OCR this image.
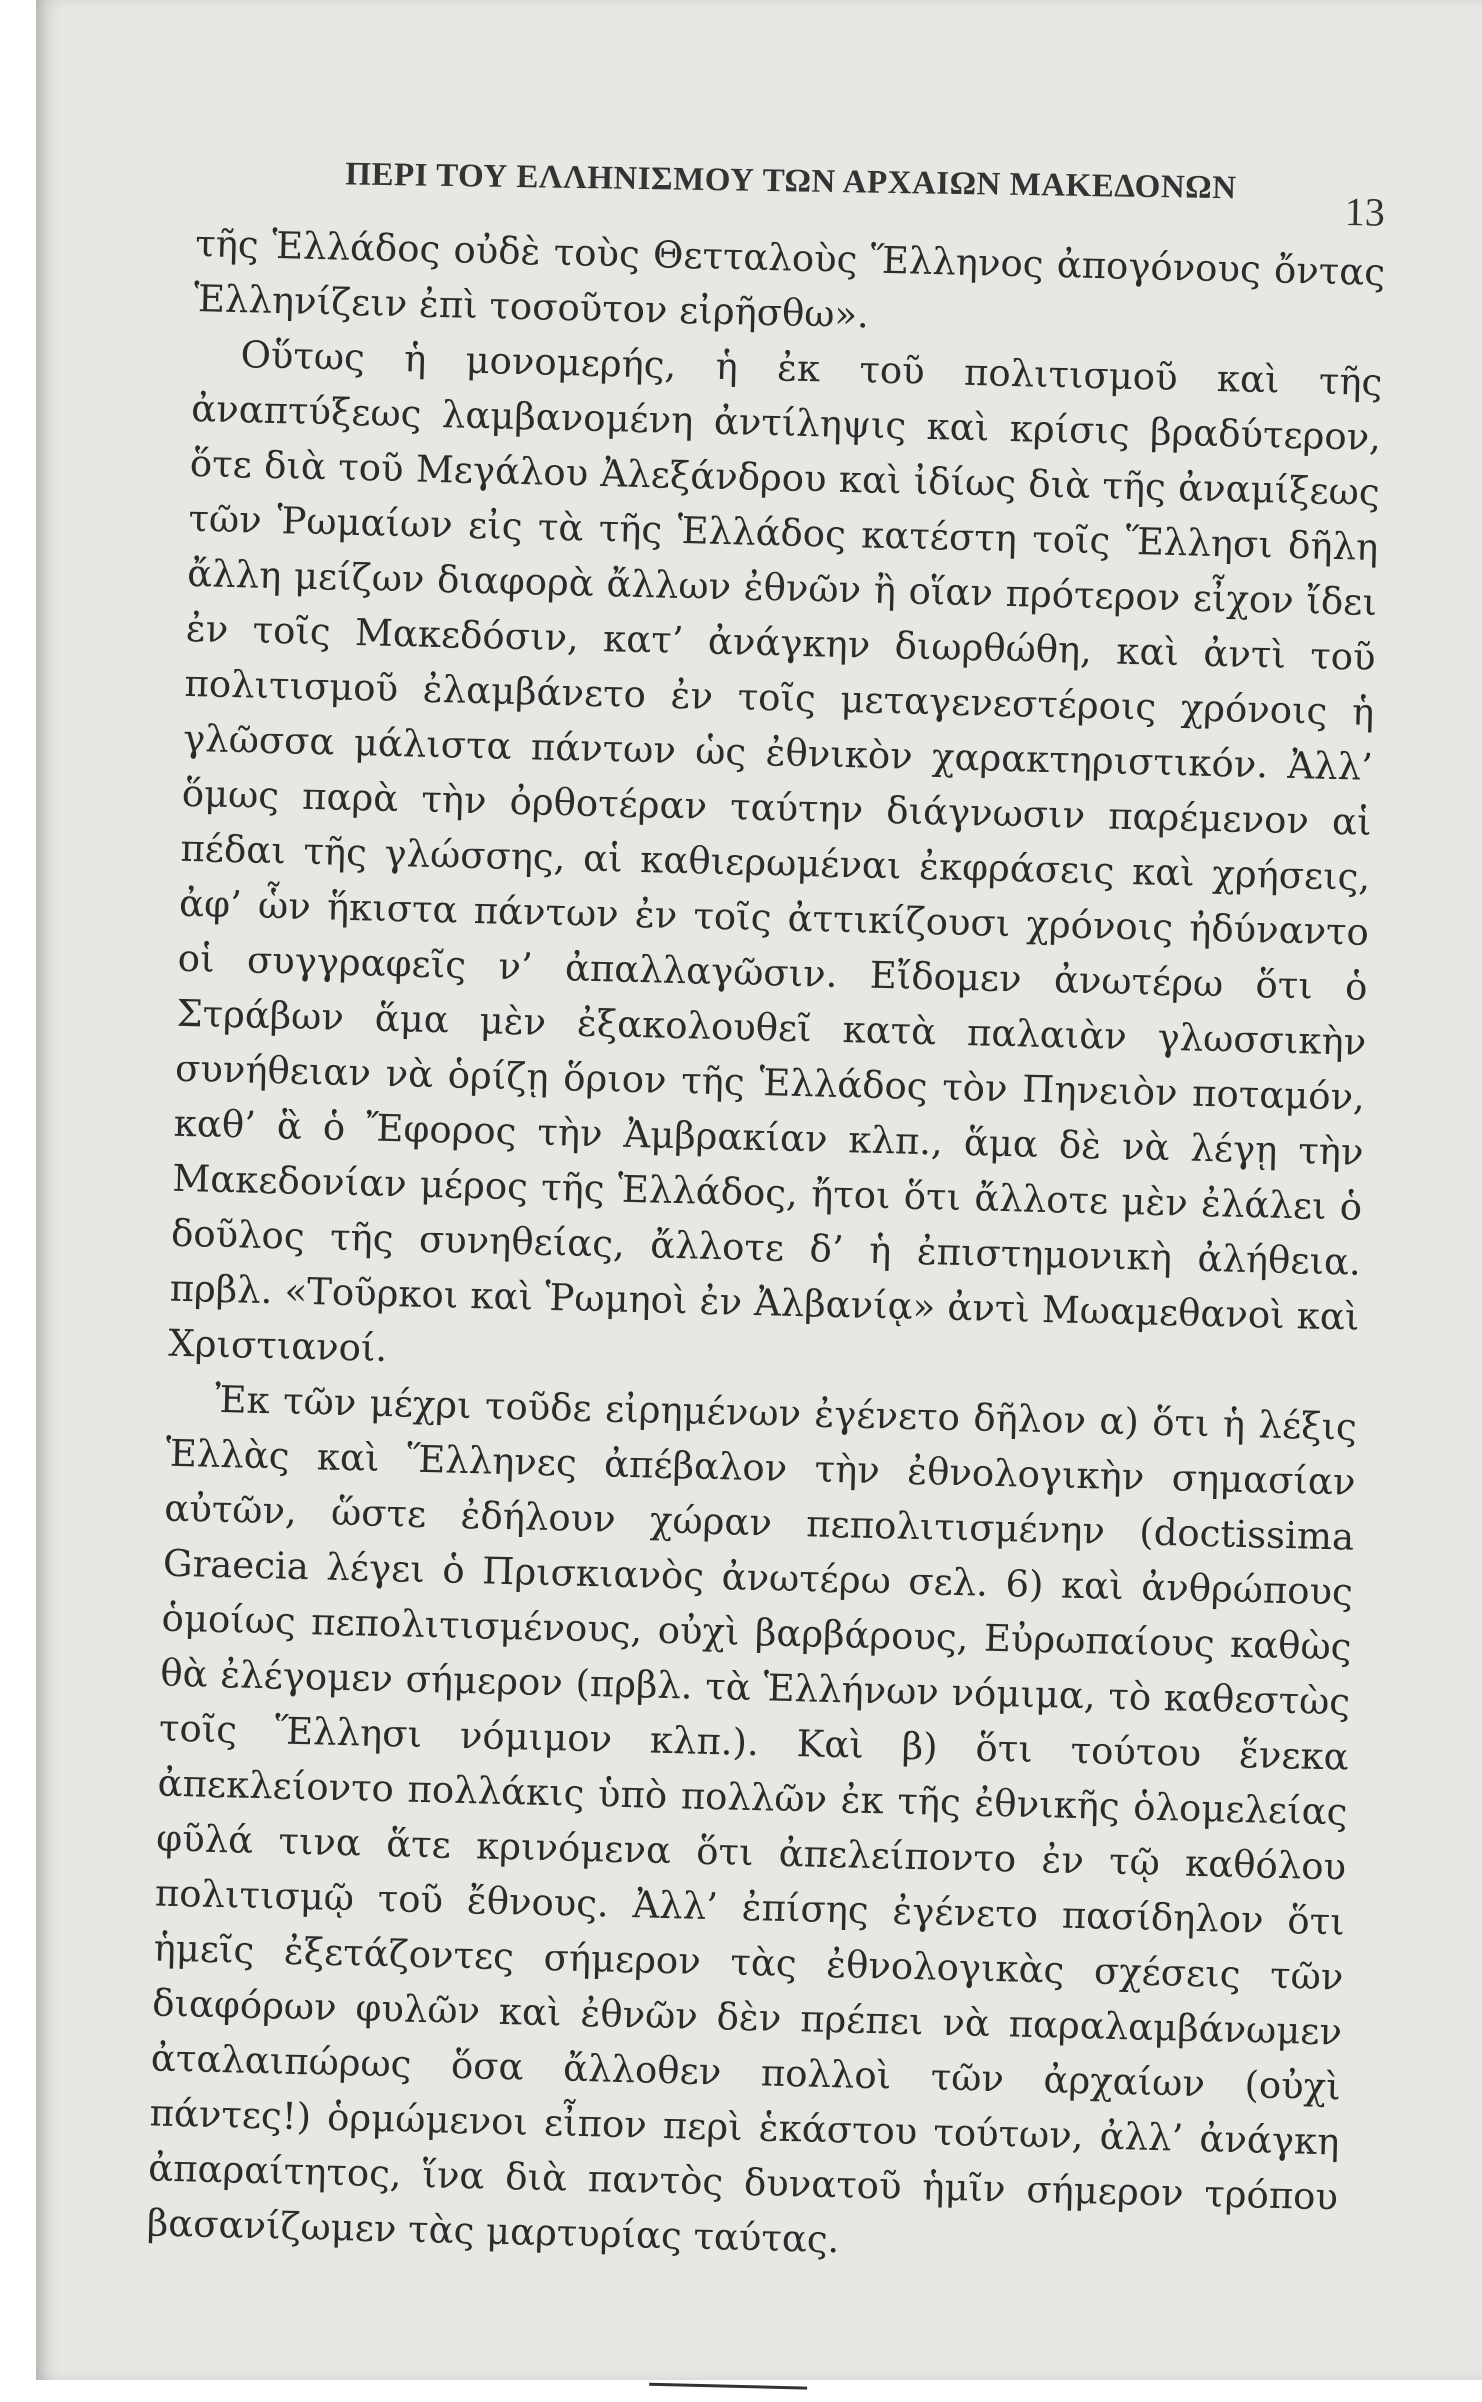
ΠΕΡΙ ΤΟΥ ΕΛΛΗΝΙΣΜΟΥ ΤΩΝ ΑΡΧΑΙΩΝ ΜΑΚΕΔΟΝΩΝ
13

τῆς Ἑλλάδος οὐδὲ τοὺς Θετταλοὺς Ἕλληνος ἀπογόνους ὄντας Ἑλληνίζειν ἐπὶ τοσοῦτον εἰρῆσθω».

Οὕτως ἡ μονομερής, ἡ ἐκ τοῦ πολιτισμοῦ καὶ τῆς ἀναπτύξεως λαμβανομένη ἀντίληψις καὶ κρίσις βραδύτερον, ὅτε διὰ τοῦ Μεγάλου Ἀλεξάνδρου καὶ ἰδίως διὰ τῆς ἀναμίξεως τῶν Ῥωμαίων εἰς τὰ τῆς Ἑλλάδος κατέστη τοῖς Ἕλλησι δῆλη ἄλλη μείζων διαφορὰ ἄλλων ἐθνῶν ἢ οἵαν πρότερον εἶχον ἴδει ἐν τοῖς Μακεδόσιν, κατ’ ἀνάγκην διωρθώθη, καὶ ἀντὶ τοῦ πολιτισμοῦ ἐλαμβάνετο ἐν τοῖς μεταγενεστέροις χρόνοις ἡ γλῶσσα μάλιστα πάντων ὡς ἐθνικὸν χαρακτηριστικόν. Ἀλλ’ ὅμως παρὰ τὴν ὀρθοτέραν ταύτην διάγνωσιν παρέμενον αἱ πέδαι τῆς γλώσσης, αἱ καθιερωμέναι ἐκφράσεις καὶ χρήσεις, ἀφ’ ὧν ἥκιστα πάντων ἐν τοῖς ἀττικίζουσι χρόνοις ἠδύναντο οἱ συγγραφεῖς ν’ ἀπαλλαγῶσιν. Εἴδομεν ἀνωτέρω ὅτι ὁ Στράβων ἅμα μὲν ἐξακολουθεῖ κατὰ παλαιὰν γλωσσικὴν συνήθειαν νὰ ὁρίζῃ ὅριον τῆς Ἑλλάδος τὸν Πηνειὸν ποταμόν, καθ’ ἃ ὁ Ἔφορος τὴν Ἀμβρακίαν κλπ., ἅμα δὲ νὰ λέγῃ τὴν Μακεδονίαν μέρος τῆς Ἑλλάδος, ἤτοι ὅτι ἄλλοτε μὲν ἐλάλει ὁ δοῦλος τῆς συνηθείας, ἄλλοτε δ’ ἡ ἐπιστημονικὴ ἀλήθεια. πρβλ. «Τοῦρκοι καὶ Ῥωμηοὶ ἐν Ἀλβανίᾳ» ἀντὶ Μωαμεθανοὶ καὶ Χριστιανοί.

Ἐκ τῶν μέχρι τοῦδε εἰρημένων ἐγένετο δῆλον α) ὅτι ἡ λέξις Ἑλλὰς καὶ Ἕλληνες ἀπέβαλον τὴν ἐθνολογικὴν σημασίαν αὐτῶν, ὥστε ἐδήλουν χώραν πεπολιτισμένην (doctissima Graecia λέγει ὁ Πρισκιανὸς ἀνωτέρω σελ. 6) καὶ ἀνθρώπους ὁμοίως πεπολιτισμένους, οὐχὶ βαρβάρους, Εὐρωπαίους καθὼς θὰ ἐλέγομεν σήμερον (πρβλ. τὰ Ἑλλήνων νόμιμα, τὸ καθεστὼς τοῖς Ἕλλησι νόμιμον κλπ.). Καὶ β) ὅτι τούτου ἕνεκα ἀπεκλείοντο πολλάκις ὑπὸ πολλῶν ἐκ τῆς ἐθνικῆς ὁλομελείας φῦλά τινα ἅτε κρινόμενα ὅτι ἀπελείποντο ἐν τῷ καθόλου πολιτισμῷ τοῦ ἔθνους. Ἀλλ’ ἐπίσης ἐγένετο πασίδηλον ὅτι ἡμεῖς ἐξετάζοντες σήμερον τὰς ἐθνολογικὰς σχέσεις τῶν διαφόρων φυλῶν καὶ ἐθνῶν δὲν πρέπει νὰ παραλαμβάνωμεν ἀταλαιπώρως ὅσα ἄλλοθεν πολλοὶ τῶν ἀρχαίων (οὐχὶ πάντες!) ὁρμώμενοι εἶπον περὶ ἑκάστου τούτων, ἀλλ’ ἀνάγκη ἀπαραίτητος, ἵνα διὰ παντὸς δυνατοῦ ἡμῖν σήμερον τρόπου βασανίζωμεν τὰς μαρτυρίας ταύτας.
